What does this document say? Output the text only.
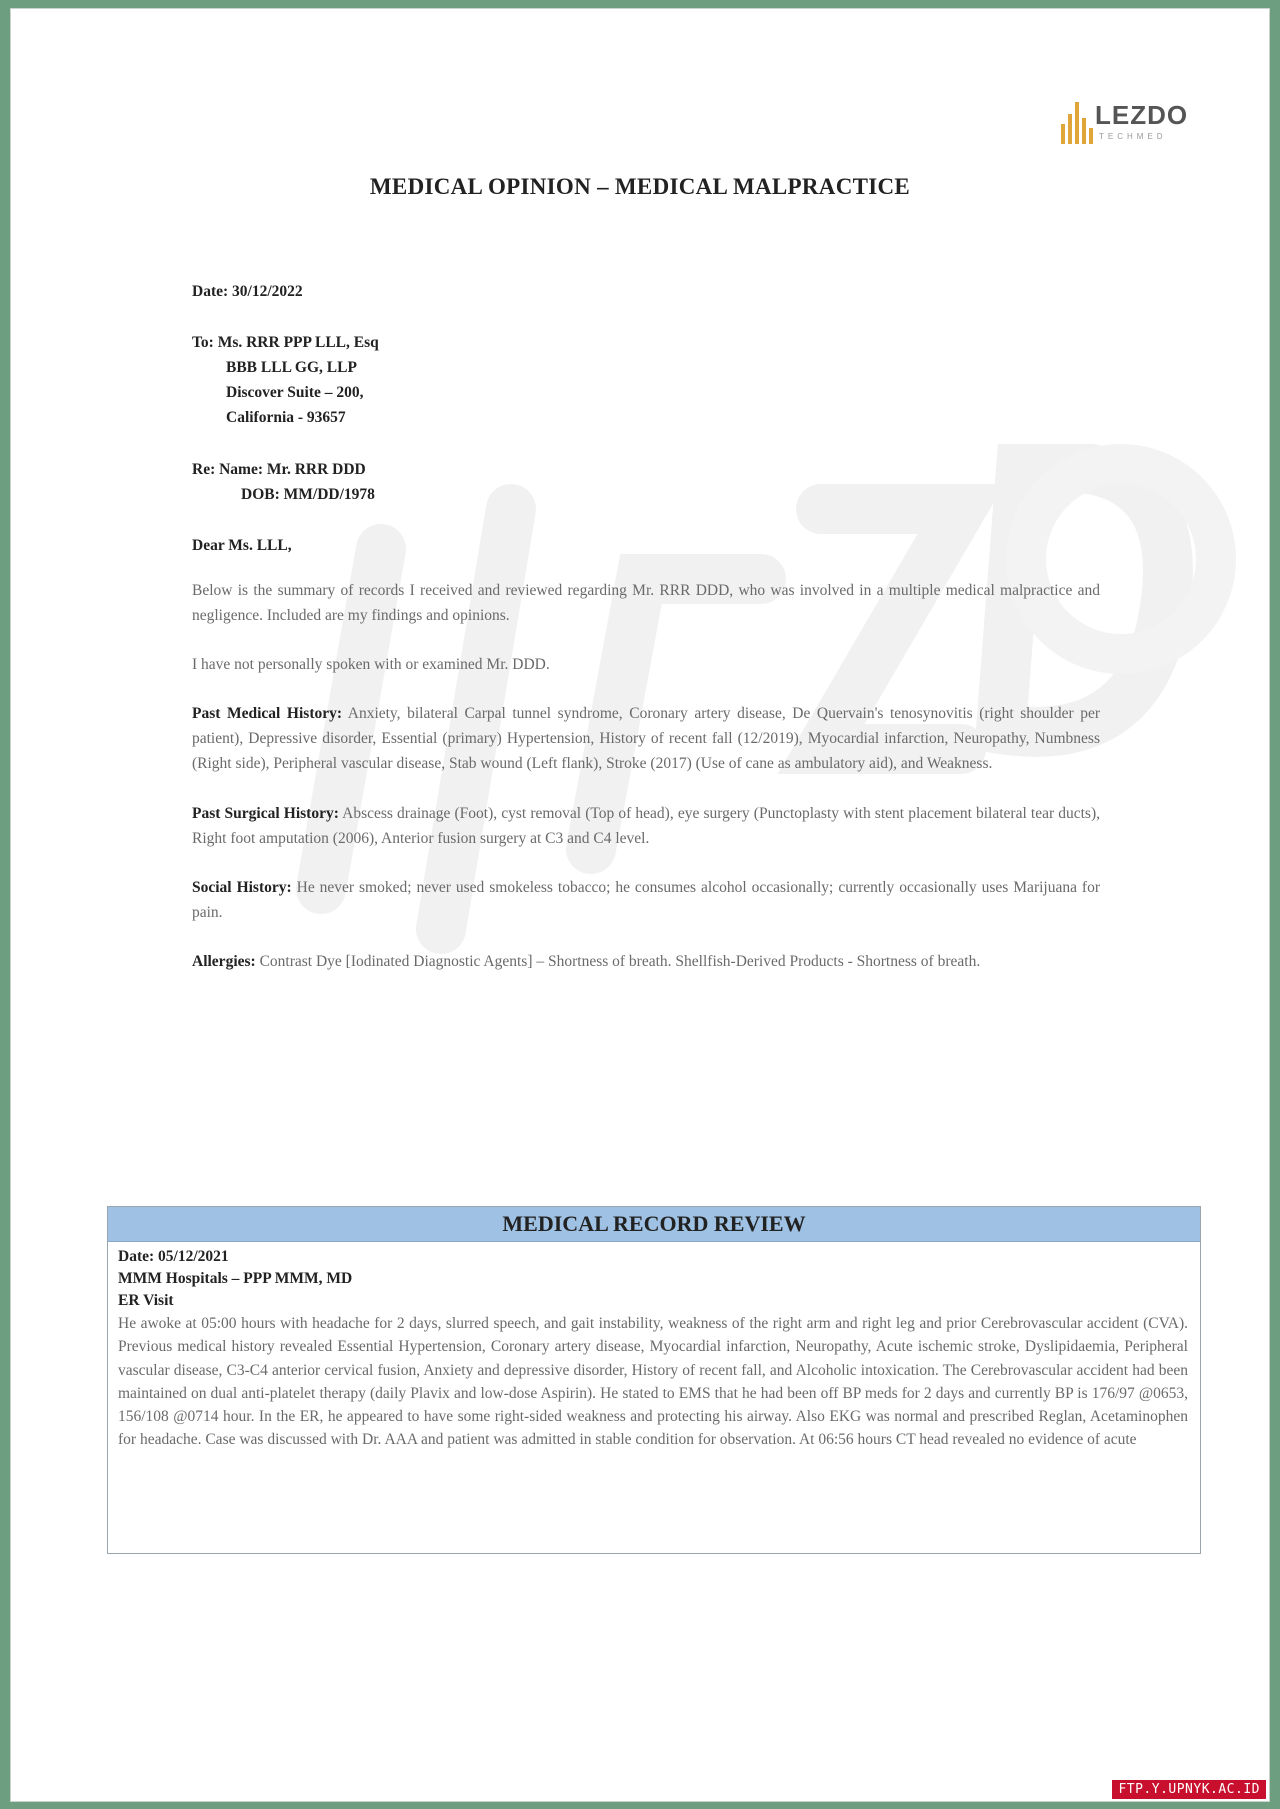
LEZDO
TECHMED
MEDICAL OPINION – MEDICAL MALPRACTICE
Date: 30/12/2022
To: Ms. RRR PPP LLL, Esq
BBB LLL GG, LLP
Discover Suite – 200,
California - 93657
Re: Name: Mr. RRR DDD
DOB: MM/DD/1978
Dear Ms. LLL,

Below is the summary of records I received and reviewed regarding Mr. RRR DDD, who was involved in a multiple medical malpractice and negligence. Included are my findings and opinions.

I have not personally spoken with or examined Mr. DDD.

Past Medical History: Anxiety, bilateral Carpal tunnel syndrome, Coronary artery disease, De Quervain's tenosynovitis (right shoulder per patient), Depressive disorder, Essential (primary) Hypertension, History of recent fall (12/2019), Myocardial infarction, Neuropathy, Numbness (Right side), Peripheral vascular disease, Stab wound (Left flank), Stroke (2017) (Use of cane as ambulatory aid), and Weakness.

Past Surgical History: Abscess drainage (Foot), cyst removal (Top of head), eye surgery (Punctoplasty with stent placement bilateral tear ducts), Right foot amputation (2006), Anterior fusion surgery at C3 and C4 level.

Social History: He never smoked; never used smokeless tobacco; he consumes alcohol occasionally; currently occasionally uses Marijuana for pain.

Allergies: Contrast Dye [Iodinated Diagnostic Agents] – Shortness of breath. Shellfish-Derived Products - Shortness of breath.

MEDICAL RECORD REVIEW
Date: 05/12/2021
MMM Hospitals – PPP MMM, MD
ER Visit
He awoke at 05:00 hours with headache for 2 days, slurred speech, and gait instability, weakness of the right arm and right leg and prior Cerebrovascular accident (CVA). Previous medical history revealed Essential Hypertension, Coronary artery disease, Myocardial infarction, Neuropathy, Acute ischemic stroke, Dyslipidaemia, Peripheral vascular disease, C3-C4 anterior cervical fusion, Anxiety and depressive disorder, History of recent fall, and Alcoholic intoxication. The Cerebrovascular accident had been maintained on dual anti-platelet therapy (daily Plavix and low-dose Aspirin). He stated to EMS that he had been off BP meds for 2 days and currently BP is 176/97 @0653, 156/108 @0714 hour. In the ER, he appeared to have some right-sided weakness and protecting his airway. Also EKG was normal and prescribed Reglan, Acetaminophen for headache. Case was discussed with Dr. AAA and patient was admitted in stable condition for observation. At 06:56 hours CT head revealed no evidence of acute
FTP.Y.UPNYK.AC.ID
